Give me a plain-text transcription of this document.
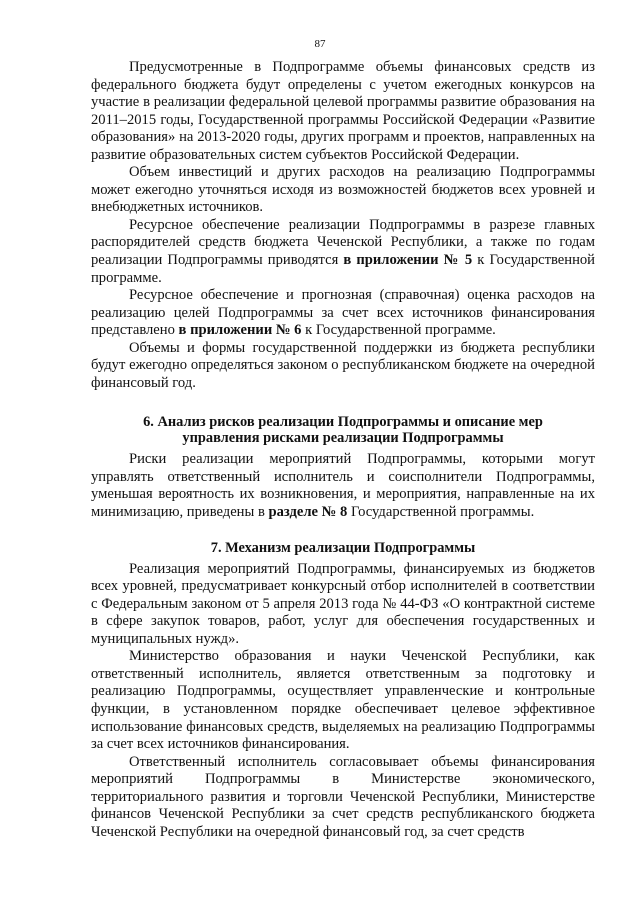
87

Предусмотренные в Подпрограмме объемы финансовых средств из федерального бюджета будут определены с учетом ежегодных конкурсов на участие в реализации федеральной целевой программы развитие образования на 2011–2015 годы, Государственной программы Российской Федерации «Развитие образования» на 2013-2020 годы, других программ и проектов, направленных на развитие образовательных систем субъектов Российской Федерации.

Объем инвестиций и других расходов на реализацию Подпрограммы может ежегодно уточняться исходя из возможностей бюджетов всех уровней и внебюджетных источников.

Ресурсное обеспечение реализации Подпрограммы в разрезе главных распорядителей средств бюджета Чеченской Республики, а также по годам реализации Подпрограммы приводятся в приложении № 5 к Государственной программе.

Ресурсное обеспечение и прогнозная (справочная) оценка расходов на реализацию целей Подпрограммы за счет всех источников финансирования представлено в приложении № 6 к Государственной программе.

Объемы и формы государственной поддержки из бюджета республики будут ежегодно определяться законом о республиканском бюджете на очередной финансовый год.

6. Анализ рисков реализации Подпрограммы и описание мер
управления рисками реализации Подпрограммы

Риски реализации мероприятий Подпрограммы, которыми могут управлять ответственный исполнитель и соисполнители Подпрограммы, уменьшая вероятность их возникновения, и мероприятия, направленные на их минимизацию, приведены в разделе № 8 Государственной программы.

7. Механизм реализации Подпрограммы

Реализация мероприятий Подпрограммы, финансируемых из бюджетов всех уровней, предусматривает конкурсный отбор исполнителей в соответствии с Федеральным законом от 5 апреля 2013 года № 44-ФЗ «О контрактной системе в сфере закупок товаров, работ, услуг для обеспечения государственных и муниципальных нужд».

Министерство образования и науки Чеченской Республики, как ответственный исполнитель, является ответственным за подготовку и реализацию Подпрограммы, осуществляет управленческие и контрольные функции, в установленном порядке обеспечивает целевое эффективное использование финансовых средств, выделяемых на реализацию Подпрограммы за счет всех источников финансирования.

Ответственный исполнитель согласовывает объемы финансирования мероприятий Подпрограммы в Министерстве экономического, территориального развития и торговли Чеченской Республики, Министерстве финансов Чеченской Республики за счет средств республиканского бюджета Чеченской Республики на очередной финансовый год, за счет средств
